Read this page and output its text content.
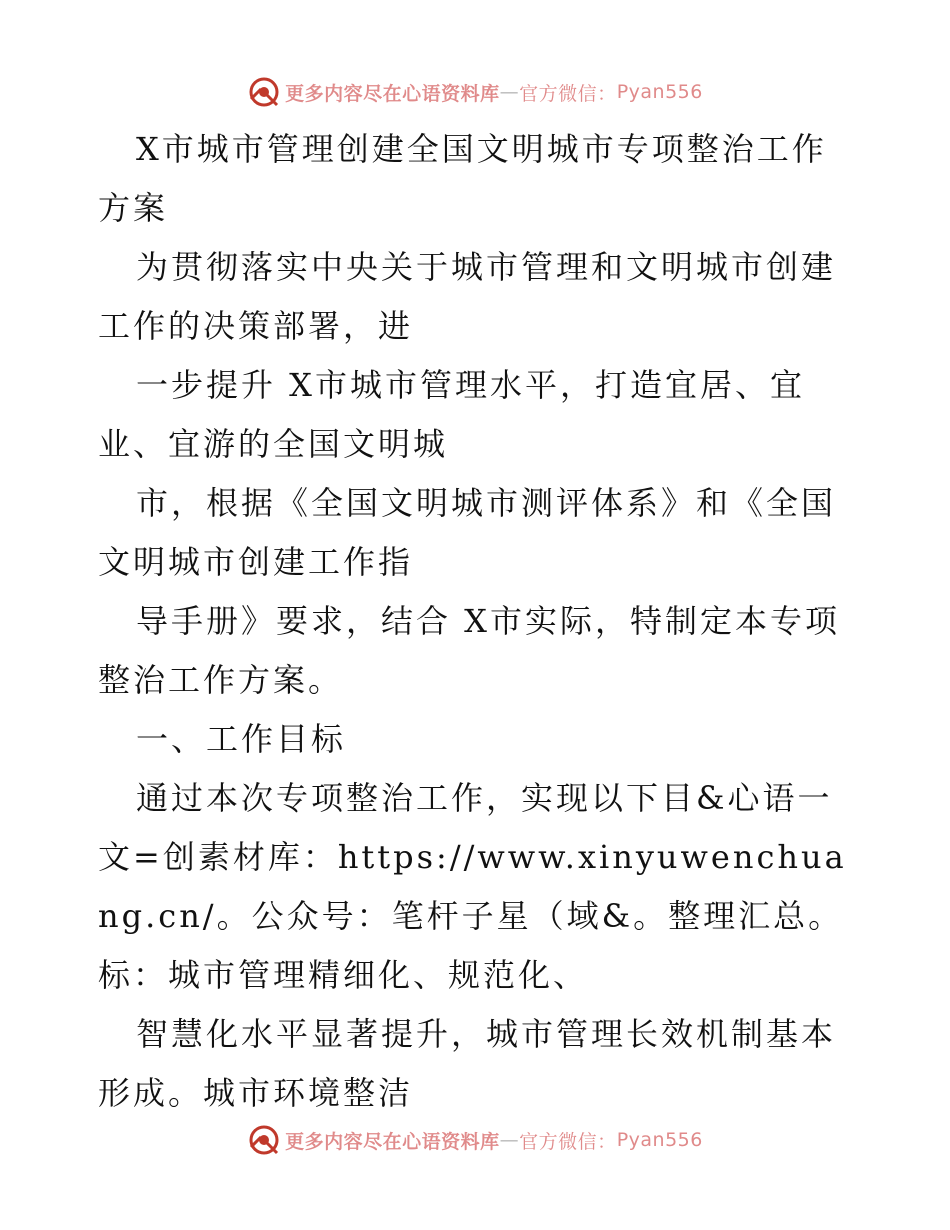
更多内容尽在心语资料库 — 官方微信： Pyan556

X市城市管理创建全国文明城市专项整治工作方案

为贯彻落实中央关于城市管理和文明城市创建工作的决策部署，进

一步提升 X市城市管理水平，打造宜居、宜业、宜游的全国文明城

市，根据《全国文明城市测评体系》和《全国文明城市创建工作指

导手册》要求，结合 X市实际，特制定本专项整治工作方案。

一、工作目标

通过本次专项整治工作，实现以下目&心语一文=创素材库：https://www.xinyuwenchuang.cn/。公众号：笔杆子星（域&。整理汇总。标：城市管理精细化、规范化、

智慧化水平显著提升，城市管理长效机制基本形成。城市环境整洁

更多内容尽在心语资料库 — 官方微信： Pyan556
